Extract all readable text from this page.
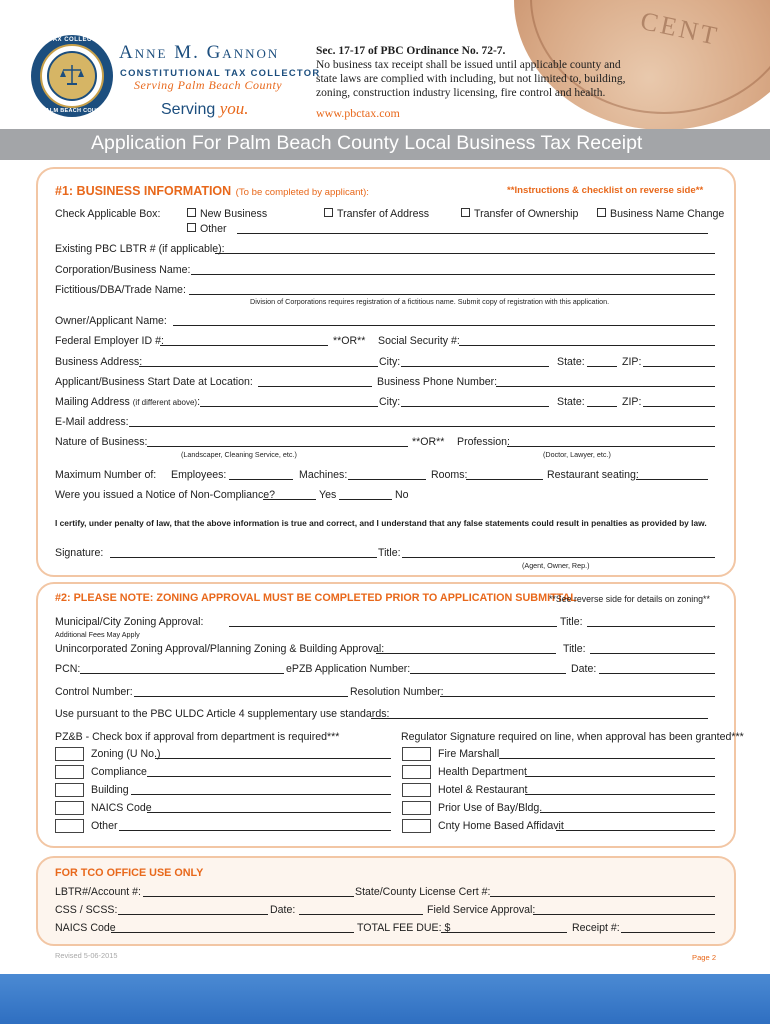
CENT
TAX COLLECTOR
PALM BEACH COUNTY
Anne M. Gannon
CONSTITUTIONAL TAX COLLECTOR
Serving Palm Beach County
Serving you.
Sec. 17-17 of PBC Ordinance No. 72-7.
No business tax receipt shall be issued until applicable county and
state laws are complied with including, but not limited to, building,
zoning, construction industry licensing, fire control and health.
www.pbctax.com
Application For Palm Beach County Local Business Tax Receipt
#1: BUSINESS INFORMATION (To be completed by applicant):	**Instructions & checklist on reverse side**
Check Applicable Box:	New Business	Transfer of Address	Transfer of Ownership	Business Name Change
Other
Existing PBC LBTR # (if applicable):
Corporation/Business Name:
Fictitious/DBA/Trade Name:
Division of Corporations requires registration of a fictitious name. Submit copy of registration with this application.
Owner/Applicant Name:
Federal Employer ID #:	**OR** Social Security #:
Business Address:	City:	State:	ZIP:
Applicant/Business Start Date at Location:	Business Phone Number:
Mailing Address (if different above):	City:	State:	ZIP:
E-Mail address:
Nature of Business:	**OR** Profession:
(Landscaper, Cleaning Service, etc.)	(Doctor, Lawyer, etc.)
Maximum Number of: Employees:	Machines:	Rooms:	Restaurant seating:
Were you issued a Notice of Non-Compliance?	Yes	No
I certify, under penalty of law, that the above information is true and correct, and I understand that any false statements could result in penalties as provided by law.
Signature:	Title:
(Agent, Owner, Rep.)
#2: PLEASE NOTE: ZONING APPROVAL MUST BE COMPLETED PRIOR TO APPLICATION SUBMITTAL
**See reverse side for details on zoning**
Municipal/City Zoning Approval:	Title:
Additional Fees May Apply
Unincorporated Zoning Approval/Planning Zoning & Building Approval:	Title:
PCN:	ePZB Application Number:	Date:
Control Number:	Resolution Number:
Use pursuant to the PBC ULDC Article 4 supplementary use standards:
PZ&B - Check box if approval from department is required***	Regulator Signature required on line, when approval has been granted***
Zoning (U No.)
Compliance
Building
NAICS Code
Other
Fire Marshall
Health Department
Hotel & Restaurant
Prior Use of Bay/Bldg.
Cnty Home Based Affidavit
FOR TCO OFFICE USE ONLY
LBTR#/Account #:	State/County License Cert #:
CSS / SCSS:	Date:	Field Service Approval:
NAICS Code	TOTAL FEE DUE: $	Receipt #:
Revised 5-06-2015	Page 2
